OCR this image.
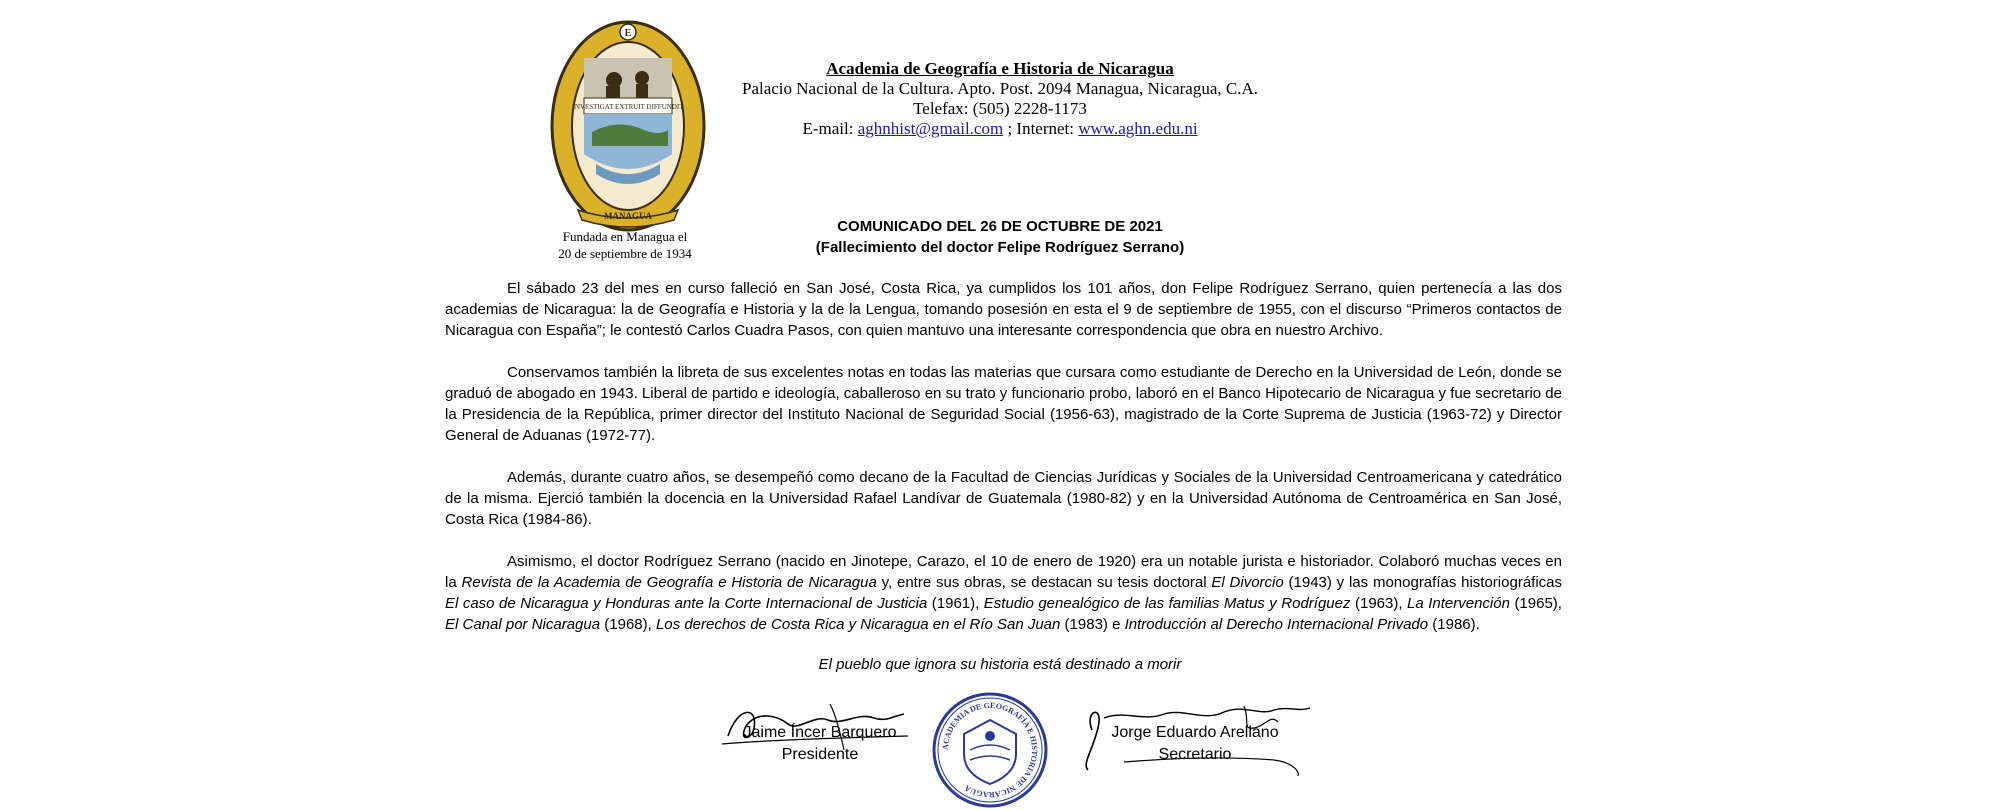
INVESTIGAT EXTRUIT DIFFUNDIT
E
MANAGUA
Fundada en Managua el
20 de septiembre de 1934
Academia de Geografía e Historia de Nicaragua
Palacio Nacional de la Cultura. Apto. Post. 2094 Managua, Nicaragua, C.A.
Telefax: (505) 2228-1173
E-mail: aghnhist@gmail.com ; Internet: www.aghn.edu.ni
COMUNICADO DEL 26 DE OCTUBRE DE 2021
(Fallecimiento del doctor Felipe Rodríguez Serrano)

El sábado 23 del mes en curso falleció en San José, Costa Rica, ya cumplidos los 101 años, don Felipe Rodríguez Serrano, quien pertenecía a las dos academias de Nicaragua: la de Geografía e Historia y la de la Lengua, tomando posesión en esta el 9 de septiembre de 1955, con el discurso “Primeros contactos de Nicaragua con España”; le contestó Carlos Cuadra Pasos, con quien mantuvo una interesante correspondencia que obra en nuestro Archivo.

Conservamos también la libreta de sus excelentes notas en todas las materias que cursara como estudiante de Derecho en la Universidad de León, donde se graduó de abogado en 1943. Liberal de partido e ideología, caballeroso en su trato y funcionario probo, laboró en el Banco Hipotecario de Nicaragua y fue secretario de la Presidencia de la República, primer director del Instituto Nacional de Seguridad Social (1956-63), magistrado de la Corte Suprema de Justicia (1963-72) y Director General de Aduanas (1972-77).

Además, durante cuatro años, se desempeñó como decano de la Facultad de Ciencias Jurídicas y Sociales de la Universidad Centroamericana y catedrático de la misma. Ejerció también la docencia en la Universidad Rafael Landívar de Guatemala (1980-82) y en la Universidad Autónoma de Centroamérica en San José, Costa Rica (1984-86).

Asimismo, el doctor Rodríguez Serrano (nacido en Jinotepe, Carazo, el 10 de enero de 1920) era un notable jurista e historiador. Colaboró muchas veces en la Revista de la Academia de Geografía e Historia de Nicaragua y, entre sus obras, se destacan su tesis doctoral El Divorcio (1943) y las monografías historiográficas El caso de Nicaragua y Honduras ante la Corte Internacional de Justicia (1961), Estudio genealógico de las familias Matus y Rodríguez (1963), La Intervención (1965), El Canal por Nicaragua (1968), Los derechos de Costa Rica y Nicaragua en el Río San Juan (1983) e Introducción al Derecho Internacional Privado (1986).

El pueblo que ignora su historia está destinado a morir
Jaime Íncer Barquero
Presidente	ACADEMIA DE GEOGRAFÍA E HISTORIA DE NICARAGUA
Jorge Eduardo Arellano
Secretario
